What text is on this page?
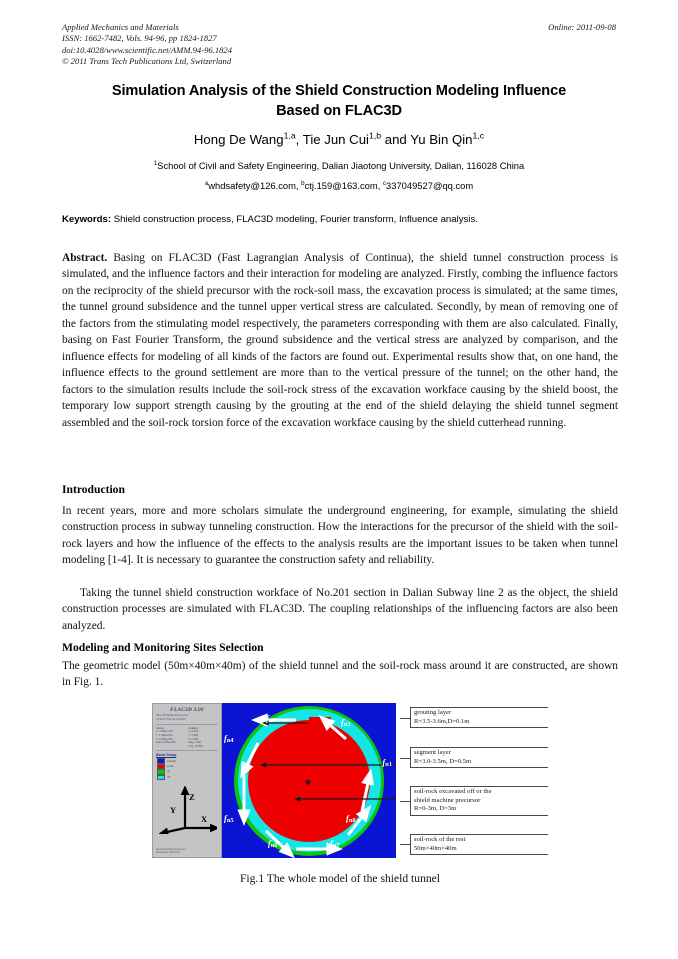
Applied Mechanics and Materials	Online: 2011-09-08
ISSN: 1662-7482, Vols. 94-96, pp 1824-1827
doi:10.4028/www.scientific.net/AMM.94-96.1824
© 2011 Trans Tech Publications Ltd, Switzerland
Simulation Analysis of the Shield Construction Modeling Influence
Based on FLAC3D
Hong De Wang$^{1,a}$, Tie Jun Cui$^{1,b}$ and Yu Bin Qin$^{1,c}$
$^1$School of Civil and Safety Engineering, Dalian Jiaotong University, Dalian, 116028 China
$^a$whdsafety@126.com, $^b$ctj.159@163.com, $^c$337049527@qq.com
Keywords: Shield construction process, FLAC3D modeling, Fourier transform, Influence analysis.
Abstract. Basing on FLAC3D (Fast Lagrangian Analysis of Continua), the shield tunnel construction process is simulated, and the influence factors and their interaction for modeling are analyzed. Firstly, combing the influence factors on the reciprocity of the shield precursor with the rock-soil mass, the excavation process is simulated; at the same times, the tunnel ground subsidence and the tunnel upper vertical stress are calculated. Secondly, by mean of removing one of the factors from the stimulating model respectively, the parameters corresponding with them are also calculated. Finally, basing on Fast Fourier Transform, the ground subsidence and the vertical stress are analyzed by comparison, and the influence effects for modeling of all kinds of the factors are found out. Experimental results show that, on one hand, the influence effects to the ground settlement are more than to the vertical pressure of the tunnel; on the other hand, the factors to the simulation results include the soil-rock stress of the excavation workface causing by the shield boost, the temporary low support strength causing by the grouting at the end of the shield delaying the shield tunnel segment assembled and the soil-rock torsion force of the excavation workface causing by the shield cutterhead running.
Introduction
In recent years, more and more scholars simulate the underground engineering, for example, simulating the shield construction process in subway tunneling construction. How the interactions for the precursor of the shield with the soil-rock layers and how the influence of the effects to the analysis results are the important issues to be taken when tunnel modeling [1-4]. It is necessary to guarantee the construction safety and reliability.
Taking the tunnel shield construction workface of No.201 section in Dalian Subway line 2 as the object, the shield construction processes are simulated with FLAC3D. The coupling relationships of the influencing factors are also been analyzed.
Modeling and Monitoring Sites Selection
The geometric model (50m×40m×40m) of the shield tunnel and the soil-rock mass around it are constructed, are shown in Fig. 1.
FLAC3D 3.00
Step 309 Model Perspective
14:11:13 Thu Apr 08 2010
Center:
X: 4.905e+001
Y: 1.996e+001
Z: 2.005e+001
Dist: 1.306e+002
Rotation:
X: 0.000
Y: 0.000
Z: 0.000
Mag.: 0.98
Ang.: 22.500
Block Group
subsoils
inside
qn
dfu
Z
Y
X
Itasca Consulting Group, Inc.
Minneapolis, MN USA
$f_{n1}$
$f_{n2}$
$f_{n3}$
$f_{n4}$
$f_{n5}$
$f_{n6}$	$f_{n7}$
$f_{n8}$
grouting layer
R=3.5-3.6m,D=0.1m
segment layer
R=3.0-3.5m, D=0.5m
soil-rock excavated off or the
shield machine precursor
R=0-3m, D=3m
soil-rock of the rest
50m×40m×40m
Fig.1 The whole model of the shield tunnel
